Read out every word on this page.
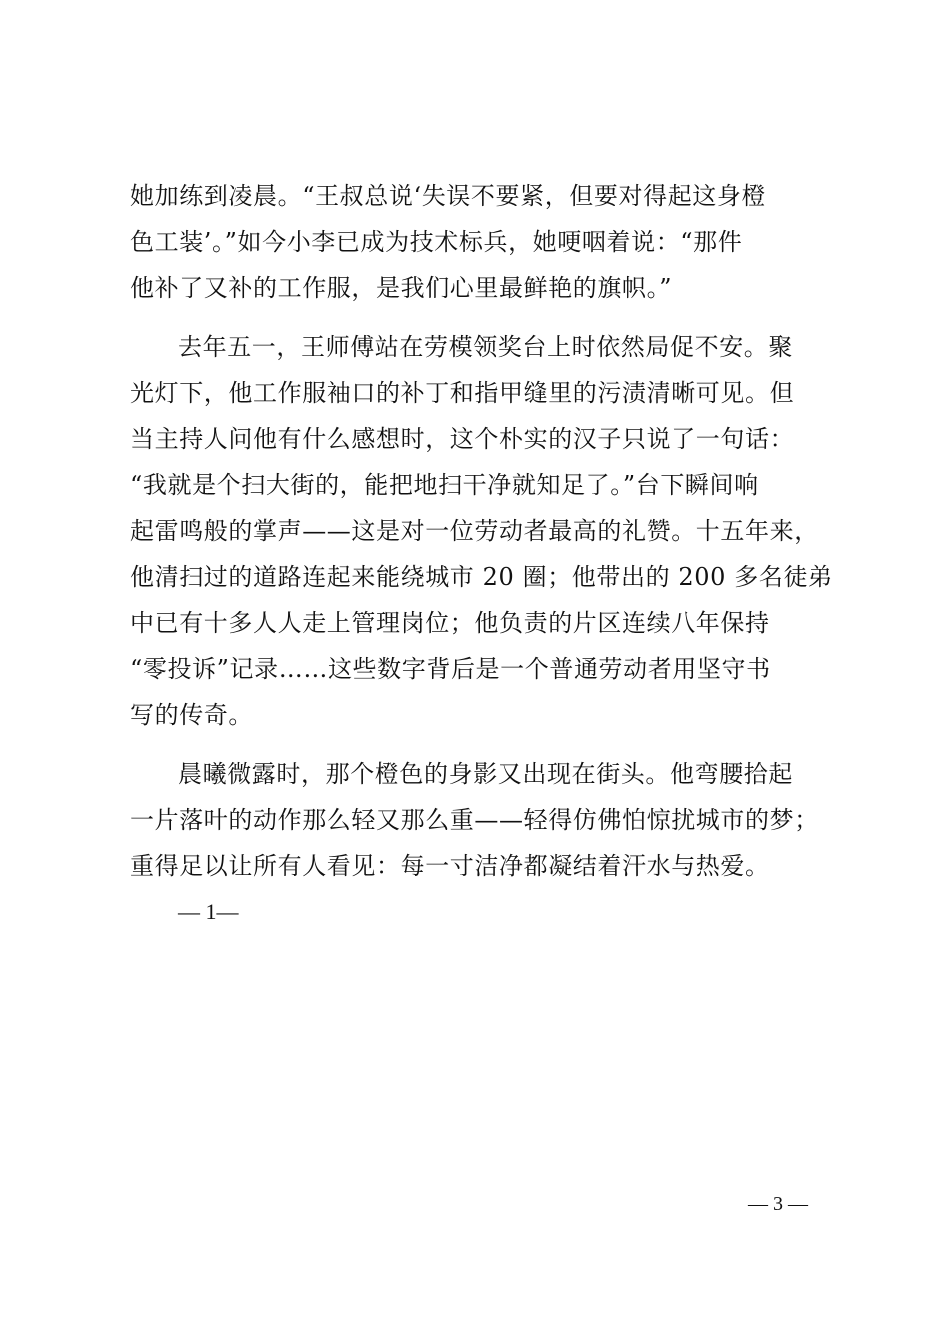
她加练到凌晨。“王叔总说‘失误不要紧，但要对得起这身橙
色工装’。”如今小李已成为技术标兵，她哽咽着说：“那件
他补了又补的工作服，是我们心里最鲜艳的旗帜。”
去年五一，王师傅站在劳模领奖台上时依然局促不安。聚
光灯下，他工作服袖口的补丁和指甲缝里的污渍清晰可见。但
当主持人问他有什么感想时，这个朴实的汉子只说了一句话：
“我就是个扫大街的，能把地扫干净就知足了。”台下瞬间响
起雷鸣般的掌声——这是对一位劳动者最高的礼赞。十五年来，
他清扫过的道路连起来能绕城市 20 圈；他带出的 200 多名徒弟
中已有十多人人走上管理岗位；他负责的片区连续八年保持
“零投诉”记录……这些数字背后是一个普通劳动者用坚守书
写的传奇。
晨曦微露时，那个橙色的身影又出现在街头。他弯腰拾起
一片落叶的动作那么轻又那么重——轻得仿佛怕惊扰城市的梦；
重得足以让所有人看见：每一寸洁净都凝结着汗水与热爱。
— 1—
— 3 —
